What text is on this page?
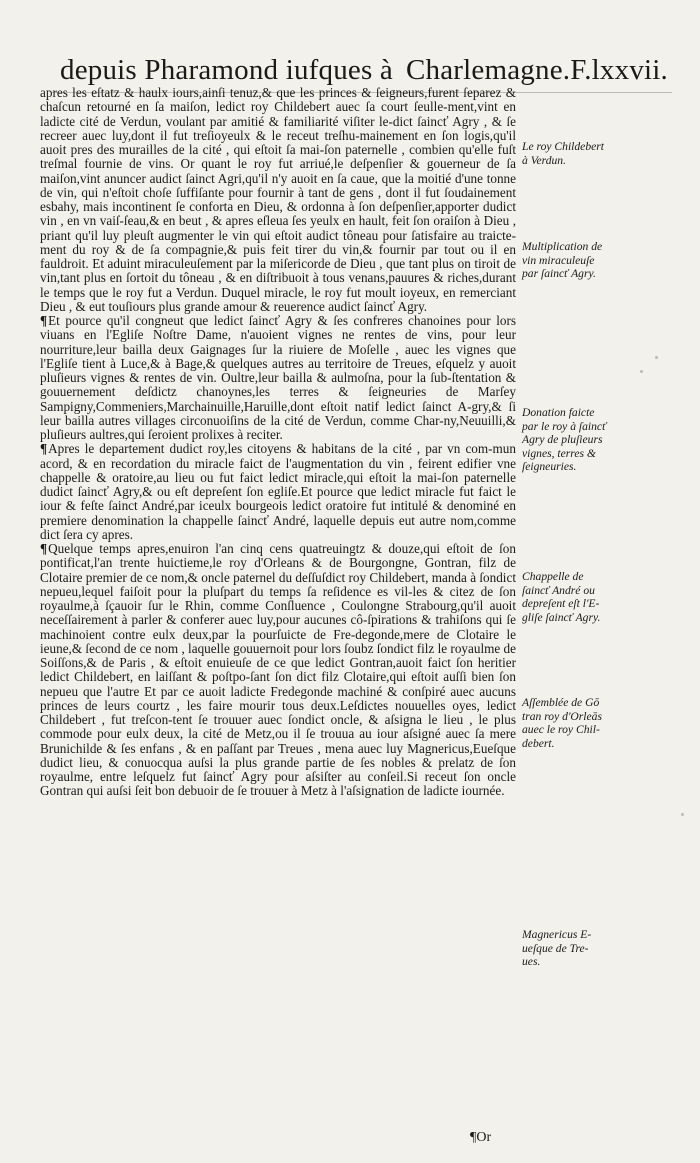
depuis Pharamond iufques à Charlemagne.F.lxxvii.

apres les eſtatz & haulx iours,ainſi tenuz,& que les princes & ſeigneurs,furent ſeparez & chaſcun retourné en ſa maiſon, ledict roy Childebert auec ſa court ſeulle-ment,vint en ladicte cité de Verdun, voulant par amitié & familiarité viſiter le-dict ſaincť Agry , & ſe recreer auec luy,dont il fut treſioyeulx & le receut treſhu-mainement en ſon logis,qu'il auoit pres des murailles de la cité , qui eſtoit ſa mai-ſon paternelle , combien qu'elle fuſt treſmal fournie de vins. Or quant le roy fut arriué,le deſpenſier & gouerneur de ſa maiſon,vint anuncer audict ſainct Agri,qu'il n'y auoit en ſa caue, que la moitié d'une tonne de vin, qui n'eſtoit choſe ſuffiſante pour fournir à tant de gens , dont il fut ſoudainement esbahy, mais incontinent ſe conforta en Dieu, & ordonna à ſon deſpenſier,apporter dudict vin , en vn vaiſ-ſeau,& en beut , & apres eſleua ſes yeulx en hault, feit ſon oraiſon à Dieu , priant qu'il luy pleuſt augmenter le vin qui eſtoit audict tôneau pour ſatisfaire au traicte-ment du roy & de ſa compagnie,& puis feit tirer du vin,& fournir par tout ou il en fauldroit. Et aduint miraculeuſement par la miſericorde de Dieu , que tant plus on tiroit de vin,tant plus en ſortoit du tôneau , & en diſtribuoit à tous venans,pauures & riches,durant le temps que le roy fut a Verdun. Duquel miracle, le roy fut moult ioyeux, en remerciant Dieu , & eut touſiours plus grande amour & reuerence audict ſaincť Agry.

¶Et pource qu'il congneut que ledict ſaincť Agry & ſes confreres chanoines pour lors viuans en l'Egliſe Noſtre Dame, n'auoient vignes ne rentes de vins, pour leur nourriture,leur bailla deux Gaignages ſur la riuiere de Moſelle , auec les vignes que l'Egliſe tient à Luce,& à Bage,& quelques autres au territoire de Treues, eſquelz y auoit pluſieurs vignes & rentes de vin. Oultre,leur bailla & aulmoſna, pour la ſub-ſtentation & gouuernement deſdictz chanoynes,les terres & ſeigneuries de Marſey Sampigny,Commeniers,Marchainuille,Haruille,dont eſtoit natif ledict ſainct A-gry,& ſi leur bailla autres villages circonuoiſins de la cité de Verdun, comme Char-ny,Neuuilli,& pluſieurs aultres,qui ſeroient prolixes à reciter.

¶Apres le departement dudict roy,les citoyens & habitans de la cité , par vn com-mun acord, & en recordation du miracle faict de l'augmentation du vin , feirent edifier vne chappelle & oratoire,au lieu ou fut faict ledict miracle,qui eſtoit la mai-ſon paternelle dudict ſaincť Agry,& ou eſt depreſent ſon egliſe.Et pource que ledict miracle fut faict le iour & feſte ſainct André,par iceulx bourgeois ledict oratoire fut intitulé & denominé en premiere denomination la chappelle ſaincť André, laquelle depuis eut autre nom,comme dict ſera cy apres.

¶Quelque temps apres,enuiron l'an cinq cens quatreuingtz & douze,qui eſtoit de ſon pontificat,l'an trente huictieme,le roy d'Orleans & de Bourgongne, Gontran, filz de Clotaire premier de ce nom,& oncle paternel du deſſuſdict roy Childebert, manda à ſondict nepueu,lequel faiſoit pour la pluſpart du temps ſa reſidence es vil-les & citez de ſon royaulme,à ſçauoir ſur le Rhin, comme Conſluence , Coulongne Strabourg,qu'il auoit neceſſairement à parler & conferer auec luy,pour aucunes cô-ſpirations & trahiſons qui ſe machinoient contre eulx deux,par la pourſuicte de Fre-degonde,mere de Clotaire le ieune,& ſecond de ce nom , laquelle gouuernoit pour lors ſoubz ſondict filz le royaulme de Soiſſons,& de Paris , & eſtoit enuieuſe de ce que ledict Gontran,auoit faict ſon heritier ledict Childebert, en laiſſant & poſtpo-ſant ſon dict filz Clotaire,qui eſtoit auſſi bien ſon nepueu que l'autre Et par ce auoit ladicte Fredegonde machiné & conſpiré auec aucuns princes de leurs courtz , les faire mourir tous deux.Leſdictes nouuelles oyes, ledict Childebert , fut treſcon-tent ſe trouuer auec ſondict oncle, & aſsigna le lieu , le plus commode pour eulx deux, la cité de Metz,ou il ſe trouua au iour aſsigné auec ſa mere Brunichilde & ſes enfans , & en paſſant par Treues , mena auec luy Magnericus,Eueſque dudict lieu, & conuocqua auſsi la plus grande partie de ſes nobles & prelatz de ſon royaulme, entre leſquelz fut ſaincť Agry pour aſsiſter au conſeil.Si receut ſon oncle Gontran qui auſsi ſeit bon debuoir de ſe trouuer à Metz à l'aſsignation de ladicte iournée.

Le roy Childebert
à Verdun.
Multiplication de
vin miraculeuſe
par ſaincť Agry.
Donation faicte
par le roy à ſaincť
Agry de pluſieurs
vignes, terres &
ſeigneuries.
Chappelle de
ſaincť André ou
depreſent eſt l'E-
gliſe ſaincť Agry.
Aſſemblée de Gō
tran roy d'Orleās
auec le roy Chil-
debert.
Magnericus E-
ueſque de Tre-
ues.
¶Or
